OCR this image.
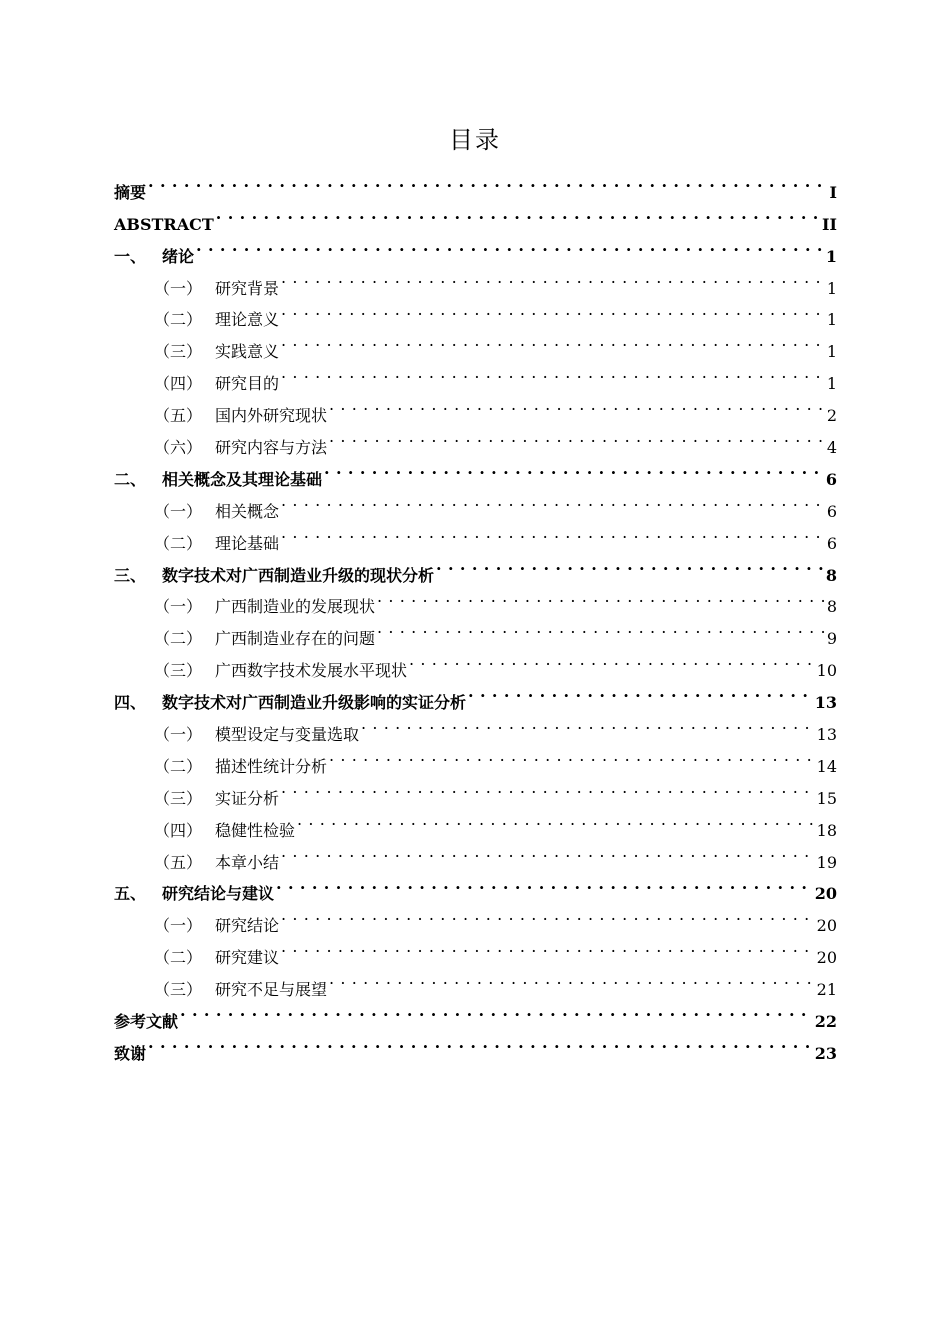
目录
摘要 . . .	I
ABSTRACT . . .	II
一、 绪论 . . .	1
（一） 研究背景 . . .	1
（二） 理论意义 . . .	1
（三） 实践意义 . . .	1
（四） 研究目的 . . .	1
（五） 国内外研究现状 . . .	2
（六） 研究内容与方法 . . .	4
二、 相关概念及其理论基础 . . .	6
（一） 相关概念 . . .	6
（二） 理论基础 . . .	6
三、 数字技术对广西制造业升级的现状分析 . . .	8
（一） 广西制造业的发展现状 . . .	8
（二） 广西制造业存在的问题 . . .	9
（三） 广西数字技术发展水平现状 . . .	10
四、 数字技术对广西制造业升级影响的实证分析 . . .	13
（一） 模型设定与变量选取 . . .	13
（二） 描述性统计分析 . . .	14
（三） 实证分析 . . .	15
（四） 稳健性检验 . . .	18
（五） 本章小结 . . .	19
五、 研究结论与建议 . . .	20
（一） 研究结论 . . .	20
（二） 研究建议 . . .	20
（三） 研究不足与展望 . . .	21
参考文献 . . .	22
致谢 . . .	23
